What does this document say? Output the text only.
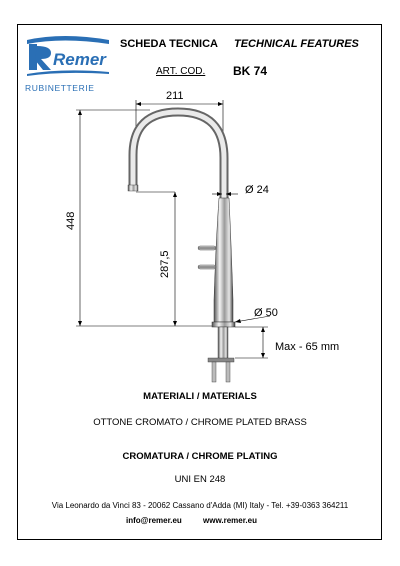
Remer
RUBINETTERIE
SCHEDA TECNICA TECHNICAL FEATURES
ART. COD. BK 74
211
448
287,5
Ø 24
Ø 50
Max - 65 mm
MATERIALI / MATERIALS
OTTONE CROMATO / CHROME PLATED BRASS
CROMATURA / CHROME PLATING
UNI EN 248
Via Leonardo da Vinci 83 - 20062 Cassano d'Adda (MI) Italy - Tel. +39-0363 364211
info@remer.eu	www.remer.eu
